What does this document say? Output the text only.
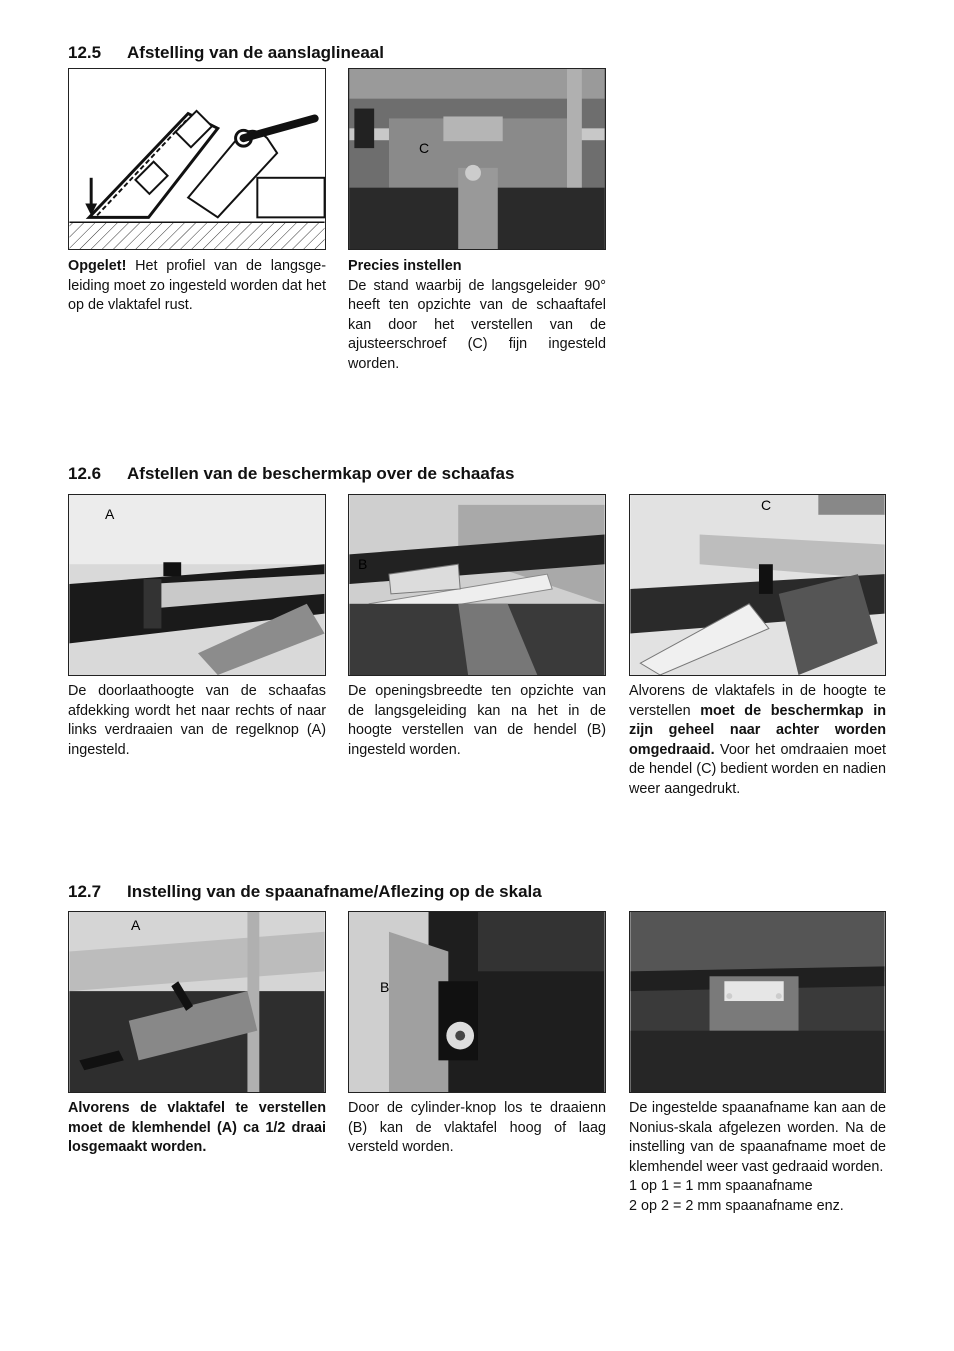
12.5 Afstelling van de aanslaglineaal
C
Opgelet! Het profiel van de langsgeleiding moet zo ingesteld worden dat het op de vlaktafel rust.
Precies instellen
De stand waarbij de langsgeleider 90° heeft ten opzichte van de schaaftafel kan door het verstellen van de ajusteerschroef (C) fijn ingesteld worden.
12.6 Afstellen van de beschermkap over de schaafas
A
B
C
De doorlaathoogte van de schaafas afdekking wordt het naar rechts of naar links verdraaien van de regelknop (A) ingesteld.
De openingsbreedte ten opzichte van de langsgeleiding kan na het in de hoogte verstellen van de hendel (B) ingesteld worden.
Alvorens de vlaktafels in de hoogte te verstellen moet de beschermkap in zijn geheel naar achter worden omgedraaid. Voor het omdraaien moet de hendel (C) bedient worden en nadien weer aangedrukt.
12.7 Instelling van de spaanafname/Aflezing op de skala
A
B
Alvorens de vlaktafel te verstellen moet de klemhendel (A) ca 1/2 draai losgemaakt worden.
Door de cylinder-knop los te draaienn (B) kan de vlaktafel hoog of laag versteld worden.
De ingestelde spaanafname kan aan de Nonius-skala afgelezen worden. Na de instelling van de spaanafname moet de klemhendel weer vast gedraaid worden.
1 op 1 = 1 mm spaanafname
2 op 2 = 2 mm spaanafname enz.
